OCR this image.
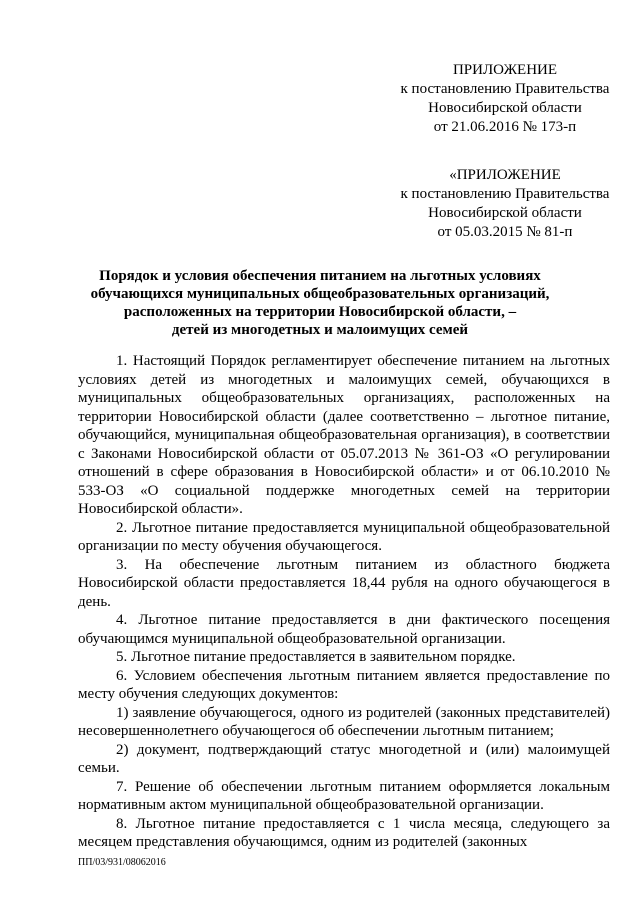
ПРИЛОЖЕНИЕ
к постановлению Правительства
Новосибирской области
от 21.06.2016 № 173-п
«ПРИЛОЖЕНИЕ
к постановлению Правительства
Новосибирской области
от 05.03.2015 № 81-п
Порядок и условия обеспечения питанием на льготных условиях
обучающихся муниципальных общеобразовательных организаций,
расположенных на территории Новосибирской области, –
детей из многодетных и малоимущих семей

1. Настоящий Порядок регламентирует обеспечение питанием на льготных условиях детей из многодетных и малоимущих семей, обучающихся в муниципальных общеобразовательных организациях, расположенных на территории Новосибирской области (далее соответственно – льготное питание, обучающийся, муниципальная общеобразовательная организация), в соответствии с Законами Новосибирской области от 05.07.2013 № 361-ОЗ «О регулировании отношений в сфере образования в Новосибирской области» и от 06.10.2010 № 533-ОЗ «О социальной поддержке многодетных семей на территории Новосибирской области».

2. Льготное питание предоставляется муниципальной общеобразовательной организации по месту обучения обучающегося.

3. На обеспечение льготным питанием из областного бюджета Новосибирской области предоставляется 18,44 рубля на одного обучающегося в день.

4. Льготное питание предоставляется в дни фактического посещения обучающимся муниципальной общеобразовательной организации.

5. Льготное питание предоставляется в заявительном порядке.

6. Условием обеспечения льготным питанием является предоставление по месту обучения следующих документов:

1) заявление обучающегося, одного из родителей (законных представителей) несовершеннолетнего обучающегося об обеспечении льготным питанием;

2) документ, подтверждающий статус многодетной и (или) малоимущей семьи.

7. Решение об обеспечении льготным питанием оформляется локальным нормативным актом муниципальной общеобразовательной организации.

8. Льготное питание предоставляется с 1 числа месяца, следующего за месяцем представления обучающимся, одним из родителей (законных

ПП/03/931/08062016
